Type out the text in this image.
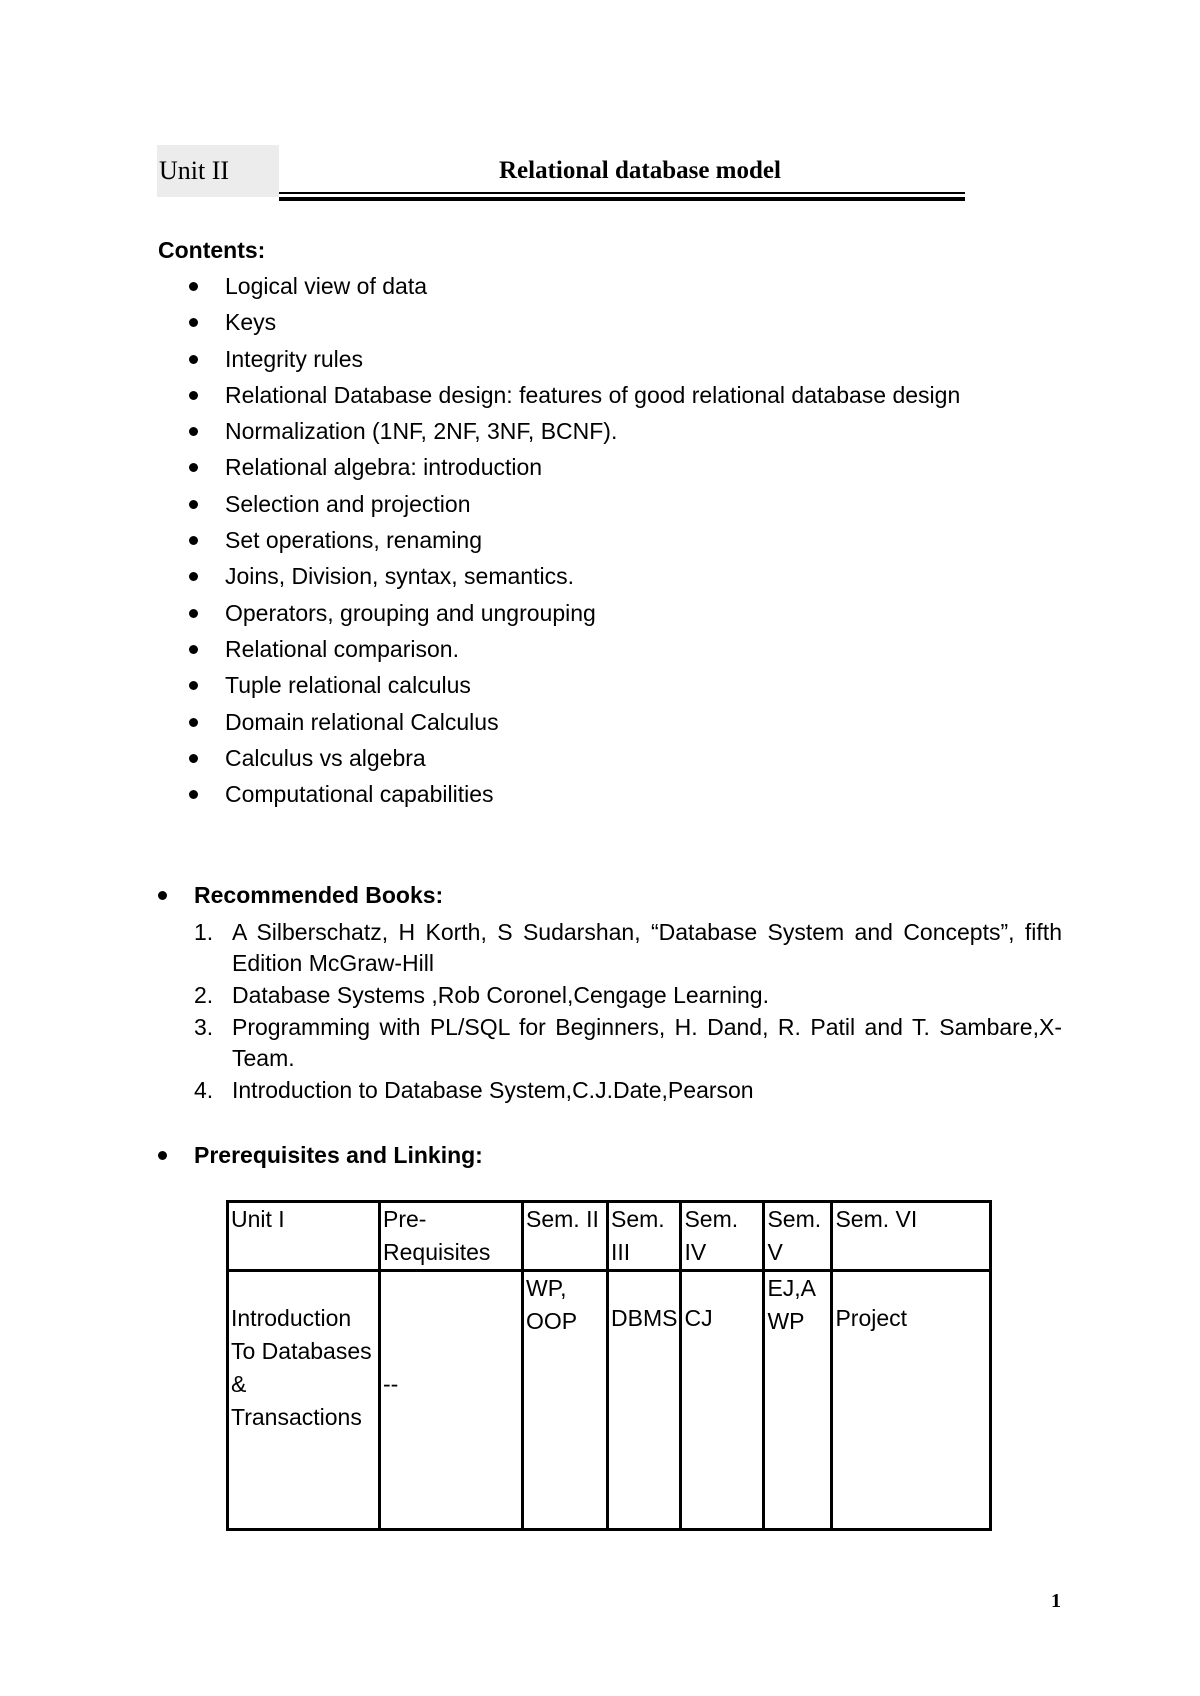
Unit II	Relational database model
Contents:
Logical view of data
Keys
Integrity rules
Relational Database design: features of good relational database design
Normalization (1NF, 2NF, 3NF, BCNF).
Relational algebra: introduction
Selection and projection
Set operations, renaming
Joins, Division, syntax, semantics.
Operators, grouping and ungrouping
Relational comparison.
Tuple relational calculus
Domain relational Calculus
Calculus vs algebra
Computational capabilities
Recommended Books:
1. A Silberschatz, H Korth, S Sudarshan, “Database System and Concepts”, fifth Edition McGraw-Hill
2. Database Systems ,Rob Coronel,Cengage Learning.
3. Programming with PL/SQL for Beginners, H. Dand, R. Patil and T. Sambare,X-Team.
4. Introduction to Database System,C.J.Date,Pearson
Prerequisites and Linking:
Unit I	Pre-Requisites	Sem. II	Sem. III	Sem. IV	Sem. V	Sem. VI
Introduction To Databases & Transactions	--	WP, OOP	DBMS	CJ	EJ,A WP	Project
1
